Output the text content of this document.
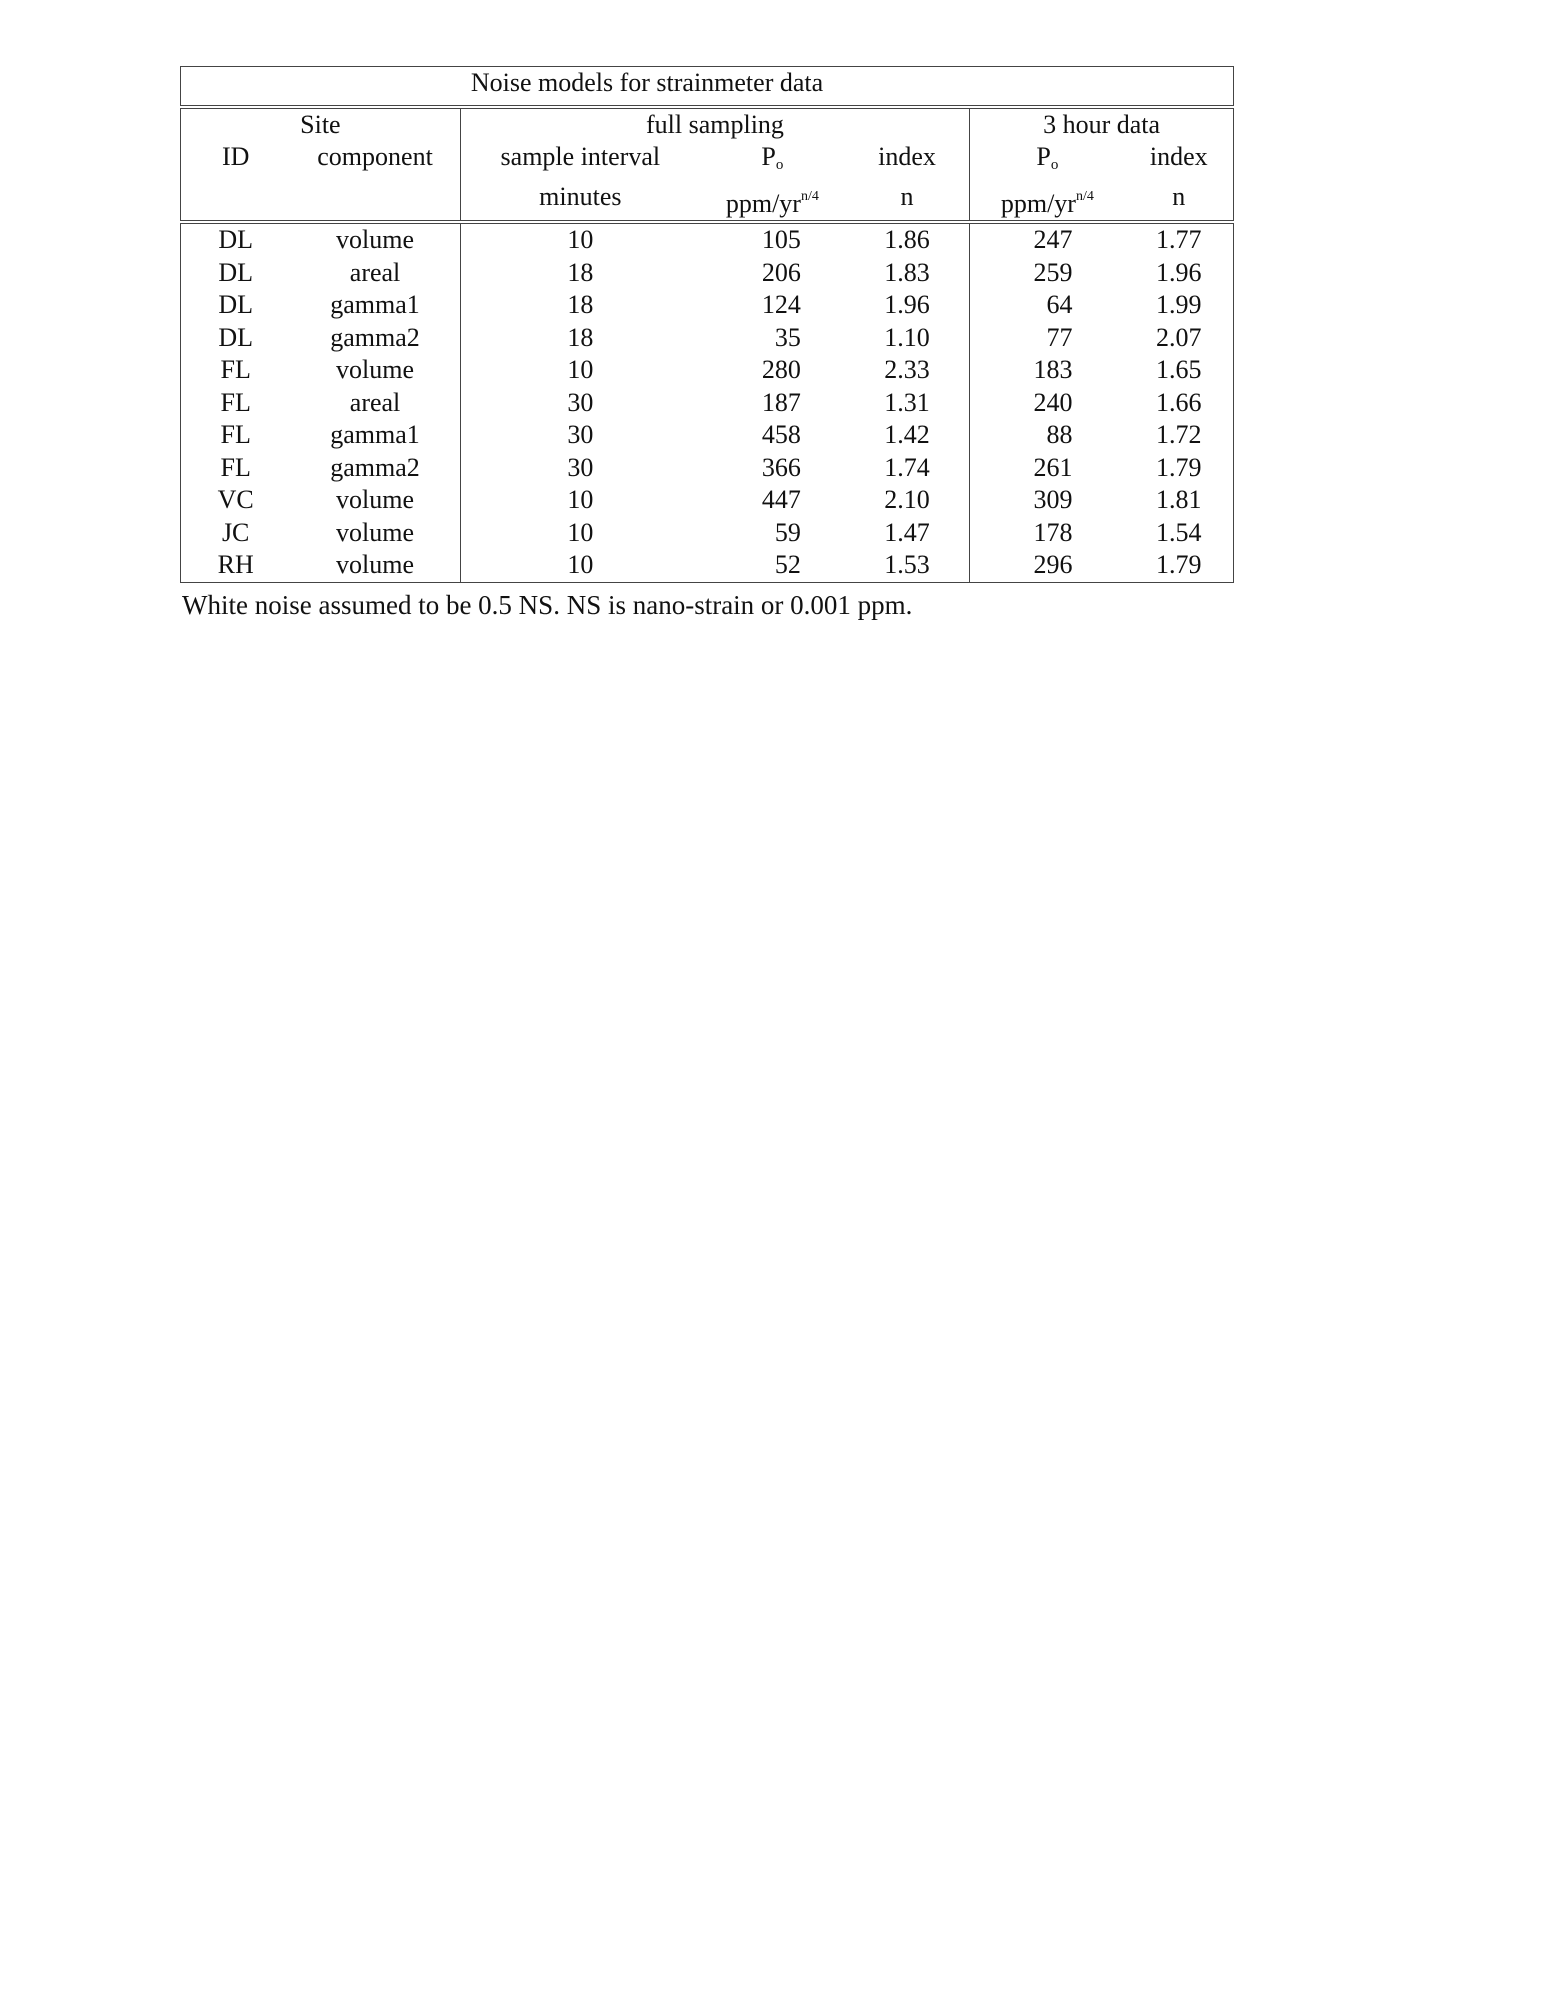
Noise models for strainmeter data						
Site		full sampling			3 hour data	
ID	component	sample interval	$P_o$	index	$P_o$	index
		minutes	ppm/$yr^{n/4}$	n	ppm/$yr^{n/4}$	n
DL	volume	10	105	1.86	247	1.77
DL	areal	18	206	1.83	259	1.96
DL	gamma1	18	124	1.96	64	1.99
DL	gamma2	18	35	1.10	77	2.07
FL	volume	10	280	2.33	183	1.65
FL	areal	30	187	1.31	240	1.66
FL	gamma1	30	458	1.42	88	1.72
FL	gamma2	30	366	1.74	261	1.79
VC	volume	10	447	2.10	309	1.81
JC	volume	10	59	1.47	178	1.54
RH	volume	10	52	1.53	296	1.79
White noise assumed to be 0.5 NS. NS is nano-strain or 0.001 ppm.
